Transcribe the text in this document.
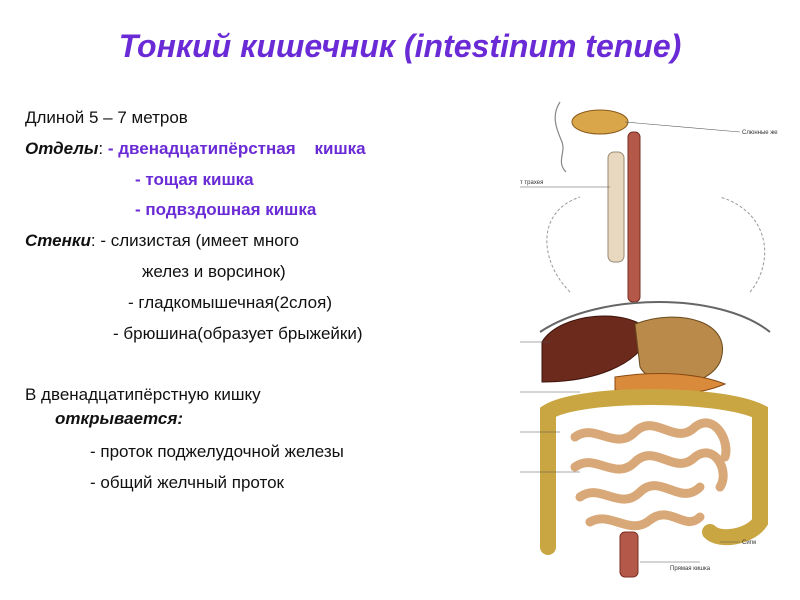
Тонкий кишечник (intestinum tenue)
Длиной 5 – 7 метров
Отделы: - двенадцатипёрстная    кишка
- тощая кишка
- подвздошная кишка
Стенки: - слизистая (имеет много
желез и ворсинок)
- гладкомышечная(2слоя)
- брюшина(образует брыжейки)
В двенадцатипёрстную кишку
открывается:
- проток поджелудочной железы
- общий желчный проток
Слюнные же
т трахея
Сигм
Прямая кишка
